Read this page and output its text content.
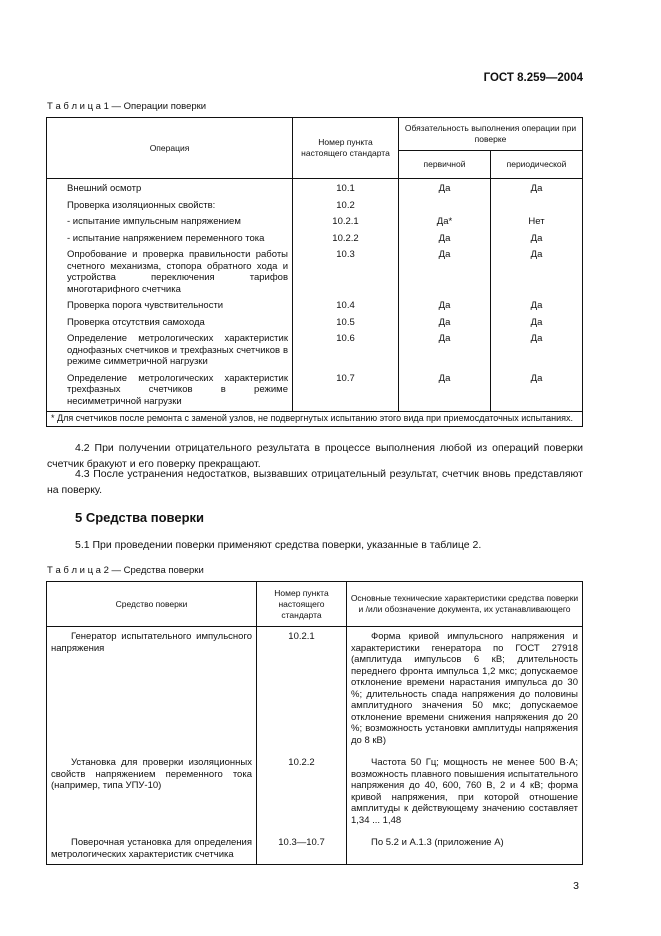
ГОСТ 8.259—2004
Т а б л и ц а 1 — Операции поверки
Операция	Номер пункта настоящего стандарта	Обязательность выполнения операции при поверке	
		первичной	периодической

Внешний осмотр	10.1	Да	Да

Проверка изоляционных свойств:	10.2		

- испытание импульсным напряжением	10.2.1	Да*	Нет

- испытание напряжением переменного тока	10.2.2	Да	Да

Опробование и проверка правильности работы счетного механизма, стопора обратного хода и устройства переключения тарифов многотарифного счетчика	10.3	Да	Да

Проверка порога чувствительности	10.4	Да	Да

Проверка отсутствия самохода	10.5	Да	Да

Определение метрологических характеристик однофазных счетчиков и трехфазных счетчиков в режиме симметричной нагрузки	10.6	Да	Да

Определение метрологических характеристик трехфазных счетчиков в режиме несимметричной нагрузки	10.7	Да	Да
* Для счетчиков после ремонта с заменой узлов, не подвергнутых испытанию этого вида при приемосдаточных испытаниях.			
4.2 При получении отрицательного результата в процессе выполнения любой из операций поверки счетчик бракуют и его поверку прекращают.
4.3 После устранения недостатков, вызвавших отрицательный результат, счетчик вновь представляют на поверку.
5 Средства поверки
5.1 При проведении поверки применяют средства поверки, указанные в таблице 2.
Т а б л и ц а 2 — Средства поверки
Средство поверки	Номер пункта настоящего стандарта	Основные технические характеристики средства поверки и /или обозначение документа, их устанавливающего

Генератор испытательного импульсного напряжения	10.2.1	Форма кривой импульсного напряжения и характеристики генератора по ГОСТ 27918 (амплитуда импульсов 6 кВ; длительность переднего фронта импульса 1,2 мкс; допускаемое отклонение времени нарастания импульса до 30 %; длительность спада напряжения до половины амплитудного значения 50 мкс; допускаемое отклонение времени снижения напряжения до 20 %; возможность установки амплитуды напряжения до 8 кВ)
Установка для проверки изоляционных свойств напряжением переменного тока (например, типа УПУ-10)	10.2.2	Частота 50 Гц; мощность не менее 500 В·А; возможность плавного повышения испытательного напряжения до 40, 600, 760 В, 2 и 4 кВ; форма кривой напряжения, при которой отношение амплитуды к действующему значению составляет 1,34 ... 1,48
Поверочная установка для определения метрологических характеристик счетчика	10.3—10.7	По 5.2 и А.1.3 (приложение А)
3
